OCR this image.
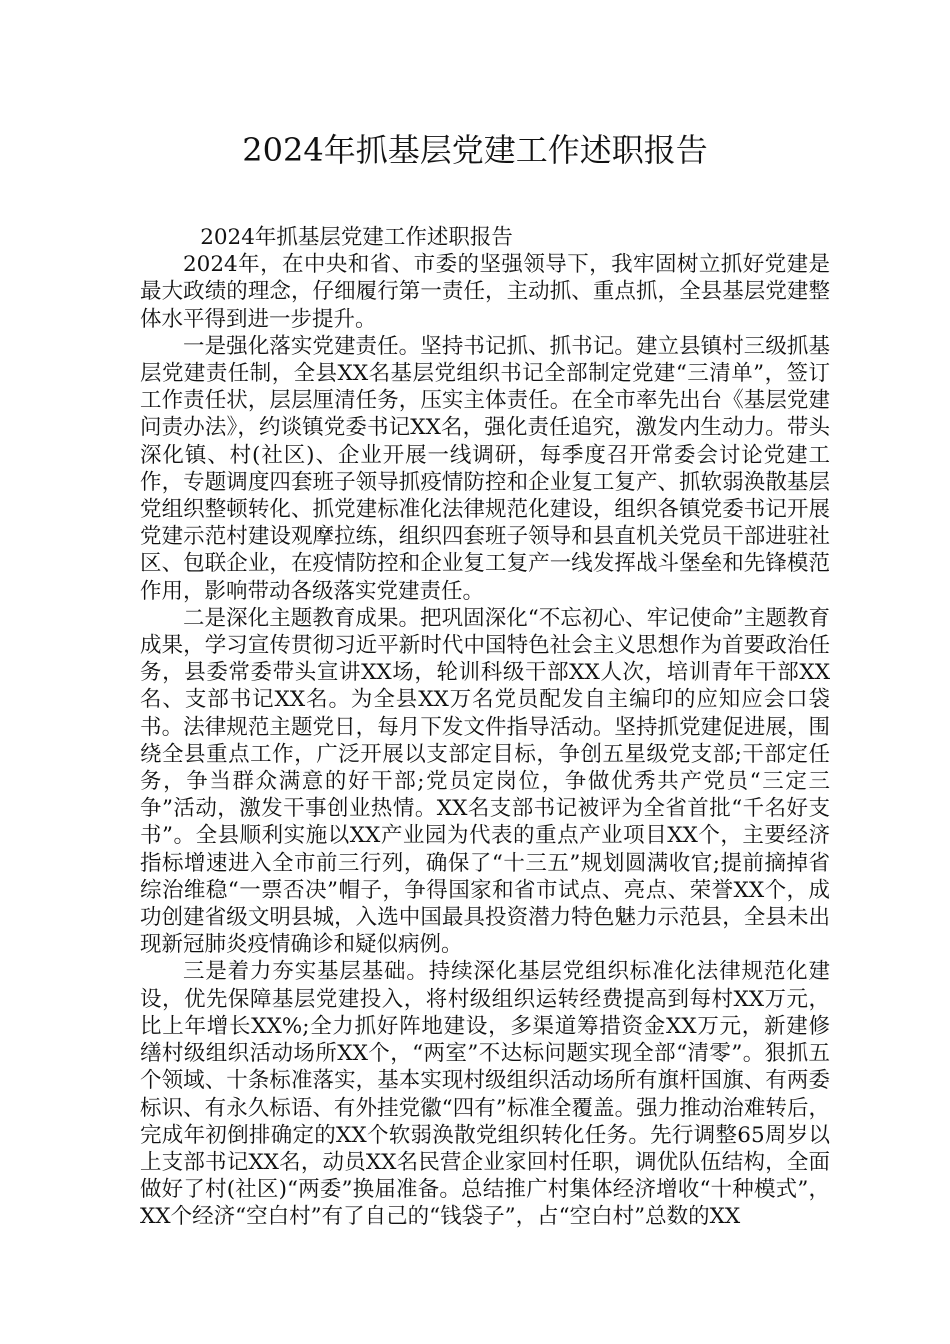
2024年抓基层党建工作述职报告

2024年抓基层党建工作述职报告

2024年，在中央和省、市委的坚强领导下，我牢固树立抓好党建是最大政绩的理念，仔细履行第一责任，主动抓、重点抓，全县基层党建整体水平得到进一步提升。

一是强化落实党建责任。坚持书记抓、抓书记。建立县镇村三级抓基层党建责任制，全县XX名基层党组织书记全部制定党建“三清单”，签订工作责任状，层层厘清任务，压实主体责任。在全市率先出台《基层党建问责办法》，约谈镇党委书记XX名，强化责任追究，激发内生动力。带头深化镇、村(社区)、企业开展一线调研，每季度召开常委会讨论党建工作，专题调度四套班子领导抓疫情防控和企业复工复产、抓软弱涣散基层党组织整顿转化、抓党建标准化法律规范化建设，组织各镇党委书记开展党建示范村建设观摩拉练，组织四套班子领导和县直机关党员干部进驻社区、包联企业，在疫情防控和企业复工复产一线发挥战斗堡垒和先锋模范作用，影响带动各级落实党建责任。

二是深化主题教育成果。把巩固深化“不忘初心、牢记使命”主题教育成果，学习宣传贯彻习近平新时代中国特色社会主义思想作为首要政治任务，县委常委带头宣讲XX场，轮训科级干部XX人次，培训青年干部XX名、支部书记XX名。为全县XX万名党员配发自主编印的应知应会口袋书。法律规范主题党日，每月下发文件指导活动。坚持抓党建促进展，围绕全县重点工作，广泛开展以支部定目标，争创五星级党支部;干部定任务，争当群众满意的好干部;党员定岗位，争做优秀共产党员“三定三争”活动，激发干事创业热情。XX名支部书记被评为全省首批“千名好支书”。全县顺利实施以XX产业园为代表的重点产业项目XX个，主要经济指标增速进入全市前三行列，确保了“十三五”规划圆满收官;提前摘掉省综治维稳“一票否决”帽子，争得国家和省市试点、亮点、荣誉XX个，成功创建省级文明县城，入选中国最具投资潜力特色魅力示范县，全县未出现新冠肺炎疫情确诊和疑似病例。

三是着力夯实基层基础。持续深化基层党组织标准化法律规范化建设，优先保障基层党建投入，将村级组织运转经费提高到每村XX万元，比上年增长XX%;全力抓好阵地建设，多渠道筹措资金XX万元，新建修缮村级组织活动场所XX个，“两室”不达标问题实现全部“清零”。狠抓五个领域、十条标准落实，基本实现村级组织活动场所有旗杆国旗、有两委标识、有永久标语、有外挂党徽“四有”标准全覆盖。强力推动治难转后，完成年初倒排确定的XX个软弱涣散党组织转化任务。先行调整65周岁以上支部书记XX名，动员XX名民营企业家回村任职，调优队伍结构，全面做好了村(社区)“两委”换届准备。总结推广村集体经济增收“十种模式”，XX个经济“空白村”有了自己的“钱袋子”，占“空白村”总数的XX
